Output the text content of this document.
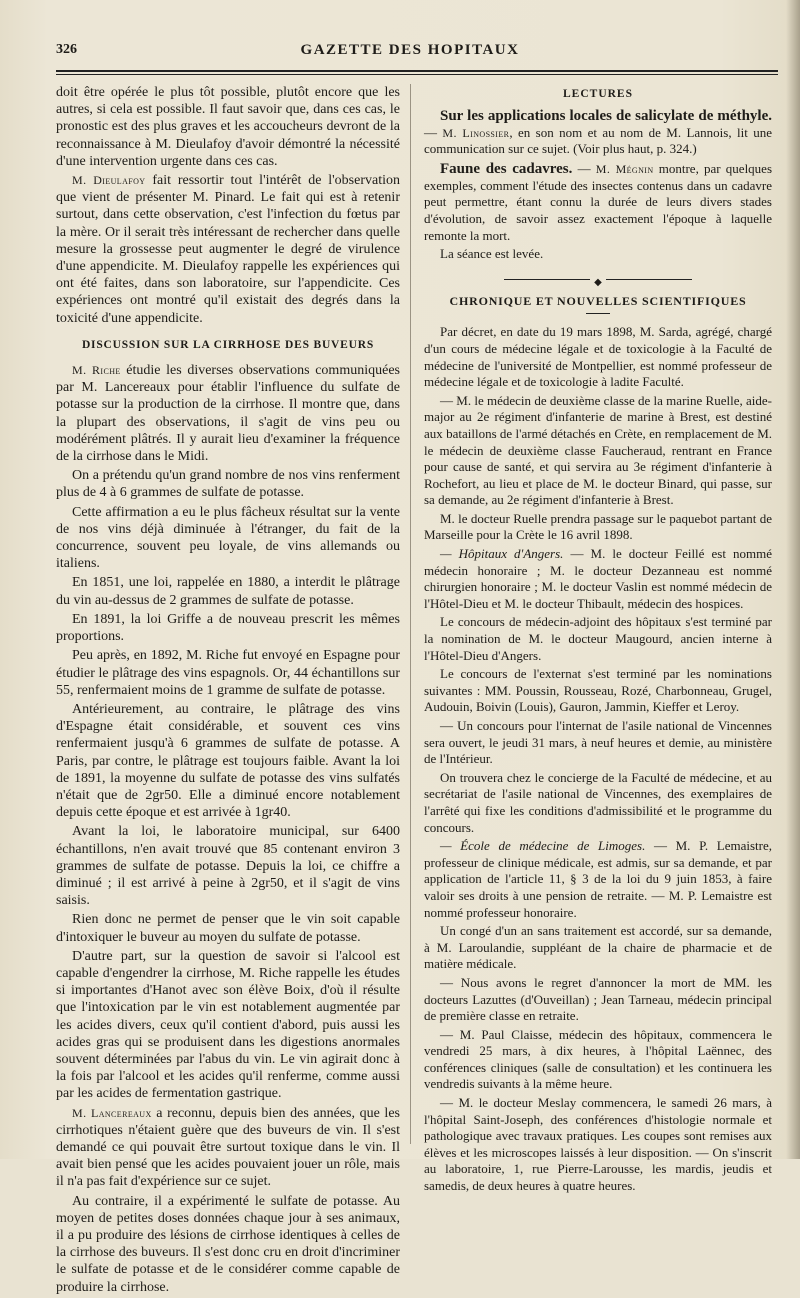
326	GAZETTE DES HOPITAUX

doit être opérée le plus tôt possible, plutôt encore que les autres, si cela est possible. Il faut savoir que, dans ces cas, le pronostic est des plus graves et les accoucheurs devront de la reconnaissance à M. Dieulafoy d'avoir démontré la nécessité d'une intervention urgente dans ces cas.

M. Dieulafoy fait ressortir tout l'intérêt de l'observation que vient de présenter M. Pinard. Le fait qui est à retenir surtout, dans cette observation, c'est l'infection du fœtus par la mère. Or il serait très intéressant de rechercher dans quelle mesure la grossesse peut augmenter le degré de virulence d'une appendicite. M. Dieulafoy rappelle les expériences qui ont été faites, dans son laboratoire, sur l'appendicite. Ces expériences ont montré qu'il existait des degrés dans la toxicité d'une appendicite.

DISCUSSION SUR LA CIRRHOSE DES BUVEURS

M. Riche étudie les diverses observations communiquées par M. Lancereaux pour établir l'influence du sulfate de potasse sur la production de la cirrhose. Il montre que, dans la plupart des observations, il s'agit de vins peu ou modérément plâtrés. Il y aurait lieu d'examiner la fréquence de la cirrhose dans le Midi.

On a prétendu qu'un grand nombre de nos vins renferment plus de 4 à 6 grammes de sulfate de potasse.

Cette affirmation a eu le plus fâcheux résultat sur la vente de nos vins déjà diminuée à l'étranger, du fait de la concurrence, souvent peu loyale, de vins allemands ou italiens.

En 1851, une loi, rappelée en 1880, a interdit le plâtrage du vin au-dessus de 2 grammes de sulfate de potasse.

En 1891, la loi Griffe a de nouveau prescrit les mêmes proportions.

Peu après, en 1892, M. Riche fut envoyé en Espagne pour étudier le plâtrage des vins espagnols. Or, 44 échantillons sur 55, renfermaient moins de 1 gramme de sulfate de potasse.

Antérieurement, au contraire, le plâtrage des vins d'Espagne était considérable, et souvent ces vins renfermaient jusqu'à 6 grammes de sulfate de potasse. A Paris, par contre, le plâtrage est toujours faible. Avant la loi de 1891, la moyenne du sulfate de potasse des vins sulfatés n'était que de 2gr50. Elle a diminué encore notablement depuis cette époque et est arrivée à 1gr40.

Avant la loi, le laboratoire municipal, sur 6400 échantillons, n'en avait trouvé que 85 contenant environ 3 grammes de sulfate de potasse. Depuis la loi, ce chiffre a diminué ; il est arrivé à peine à 2gr50, et il s'agit de vins saisis.

Rien donc ne permet de penser que le vin soit capable d'intoxiquer le buveur au moyen du sulfate de potasse.

D'autre part, sur la question de savoir si l'alcool est capable d'engendrer la cirrhose, M. Riche rappelle les études si importantes d'Hanot avec son élève Boix, d'où il résulte que l'intoxication par le vin est notablement augmentée par les acides divers, ceux qu'il contient d'abord, puis aussi les acides gras qui se produisent dans les digestions anormales souvent déterminées par l'abus du vin. Le vin agirait donc à la fois par l'alcool et les acides qu'il renferme, comme aussi par les acides de fermentation gastrique.

M. Lancereaux a reconnu, depuis bien des années, que les cirrhotiques n'étaient guère que des buveurs de vin. Il s'est demandé ce qui pouvait être surtout toxique dans le vin. Il avait bien pensé que les acides pouvaient jouer un rôle, mais il n'a pas fait d'expérience sur ce sujet.

Au contraire, il a expérimenté le sulfate de potasse. Au moyen de petites doses données chaque jour à ses animaux, il a pu produire des lésions de cirrhose identiques à celles de la cirrhose des buveurs. Il s'est donc cru en droit d'incriminer le sulfate de potasse et de le considérer comme capable de produire la cirrhose.

LECTURES

Sur les applications locales de salicylate de méthyle. — M. Linossier, en son nom et au nom de M. Lannois, lit une communication sur ce sujet. (Voir plus haut, p. 324.)

Faune des cadavres. — M. Mégnin montre, par quelques exemples, comment l'étude des insectes contenus dans un cadavre peut permettre, étant connu la durée de leurs divers stades d'évolution, de savoir assez exactement l'époque à laquelle remonte la mort.

La séance est levée.

◆
CHRONIQUE ET NOUVELLES SCIENTIFIQUES

Par décret, en date du 19 mars 1898, M. Sarda, agrégé, chargé d'un cours de médecine légale et de toxicologie à la Faculté de médecine de l'université de Montpellier, est nommé professeur de médecine légale et de toxicologie à ladite Faculté.

— M. le médecin de deuxième classe de la marine Ruelle, aide-major au 2e régiment d'infanterie de marine à Brest, est destiné aux bataillons de l'armé détachés en Crète, en remplacement de M. le médecin de deuxième classe Faucheraud, rentrant en France pour cause de santé, et qui servira au 3e régiment d'infanterie à Rochefort, au lieu et place de M. le docteur Binard, qui passe, sur sa demande, au 2e régiment d'infanterie à Brest.

M. le docteur Ruelle prendra passage sur le paquebot partant de Marseille pour la Crète le 16 avril 1898.

— Hôpitaux d'Angers. — M. le docteur Feillé est nommé médecin honoraire ; M. le docteur Dezanneau est nommé chirurgien honoraire ; M. le docteur Vaslin est nommé médecin de l'Hôtel-Dieu et M. le docteur Thibault, médecin des hospices.

Le concours de médecin-adjoint des hôpitaux s'est terminé par la nomination de M. le docteur Maugourd, ancien interne à l'Hôtel-Dieu d'Angers.

Le concours de l'externat s'est terminé par les nominations suivantes : MM. Poussin, Rousseau, Rozé, Charbonneau, Grugel, Audouin, Boivin (Louis), Gauron, Jammin, Kieffer et Leroy.

— Un concours pour l'internat de l'asile national de Vincennes sera ouvert, le jeudi 31 mars, à neuf heures et demie, au ministère de l'Intérieur.

On trouvera chez le concierge de la Faculté de médecine, et au secrétariat de l'asile national de Vincennes, des exemplaires de l'arrêté qui fixe les conditions d'admissibilité et le programme du concours.

— École de médecine de Limoges. — M. P. Lemaistre, professeur de clinique médicale, est admis, sur sa demande, et par application de l'article 11, § 3 de la loi du 9 juin 1853, à faire valoir ses droits à une pension de retraite. — M. P. Lemaistre est nommé professeur honoraire.

Un congé d'un an sans traitement est accordé, sur sa demande, à M. Laroulandie, suppléant de la chaire de pharmacie et de matière médicale.

— Nous avons le regret d'annoncer la mort de MM. les docteurs Lazuttes (d'Ouveillan) ; Jean Tarneau, médecin principal de première classe en retraite.

— M. Paul Claisse, médecin des hôpitaux, commencera le vendredi 25 mars, à dix heures, à l'hôpital Laënnec, des conférences cliniques (salle de consultation) et les continuera les vendredis suivants à la même heure.

— M. le docteur Meslay commencera, le samedi 26 mars, à l'hôpital Saint-Joseph, des conférences d'histologie normale et pathologique avec travaux pratiques. Les coupes sont remises aux élèves et les microscopes laissés à leur disposition. — On s'inscrit au laboratoire, 1, rue Pierre-Larousse, les mardis, jeudis et samedis, de deux heures à quatre heures.
